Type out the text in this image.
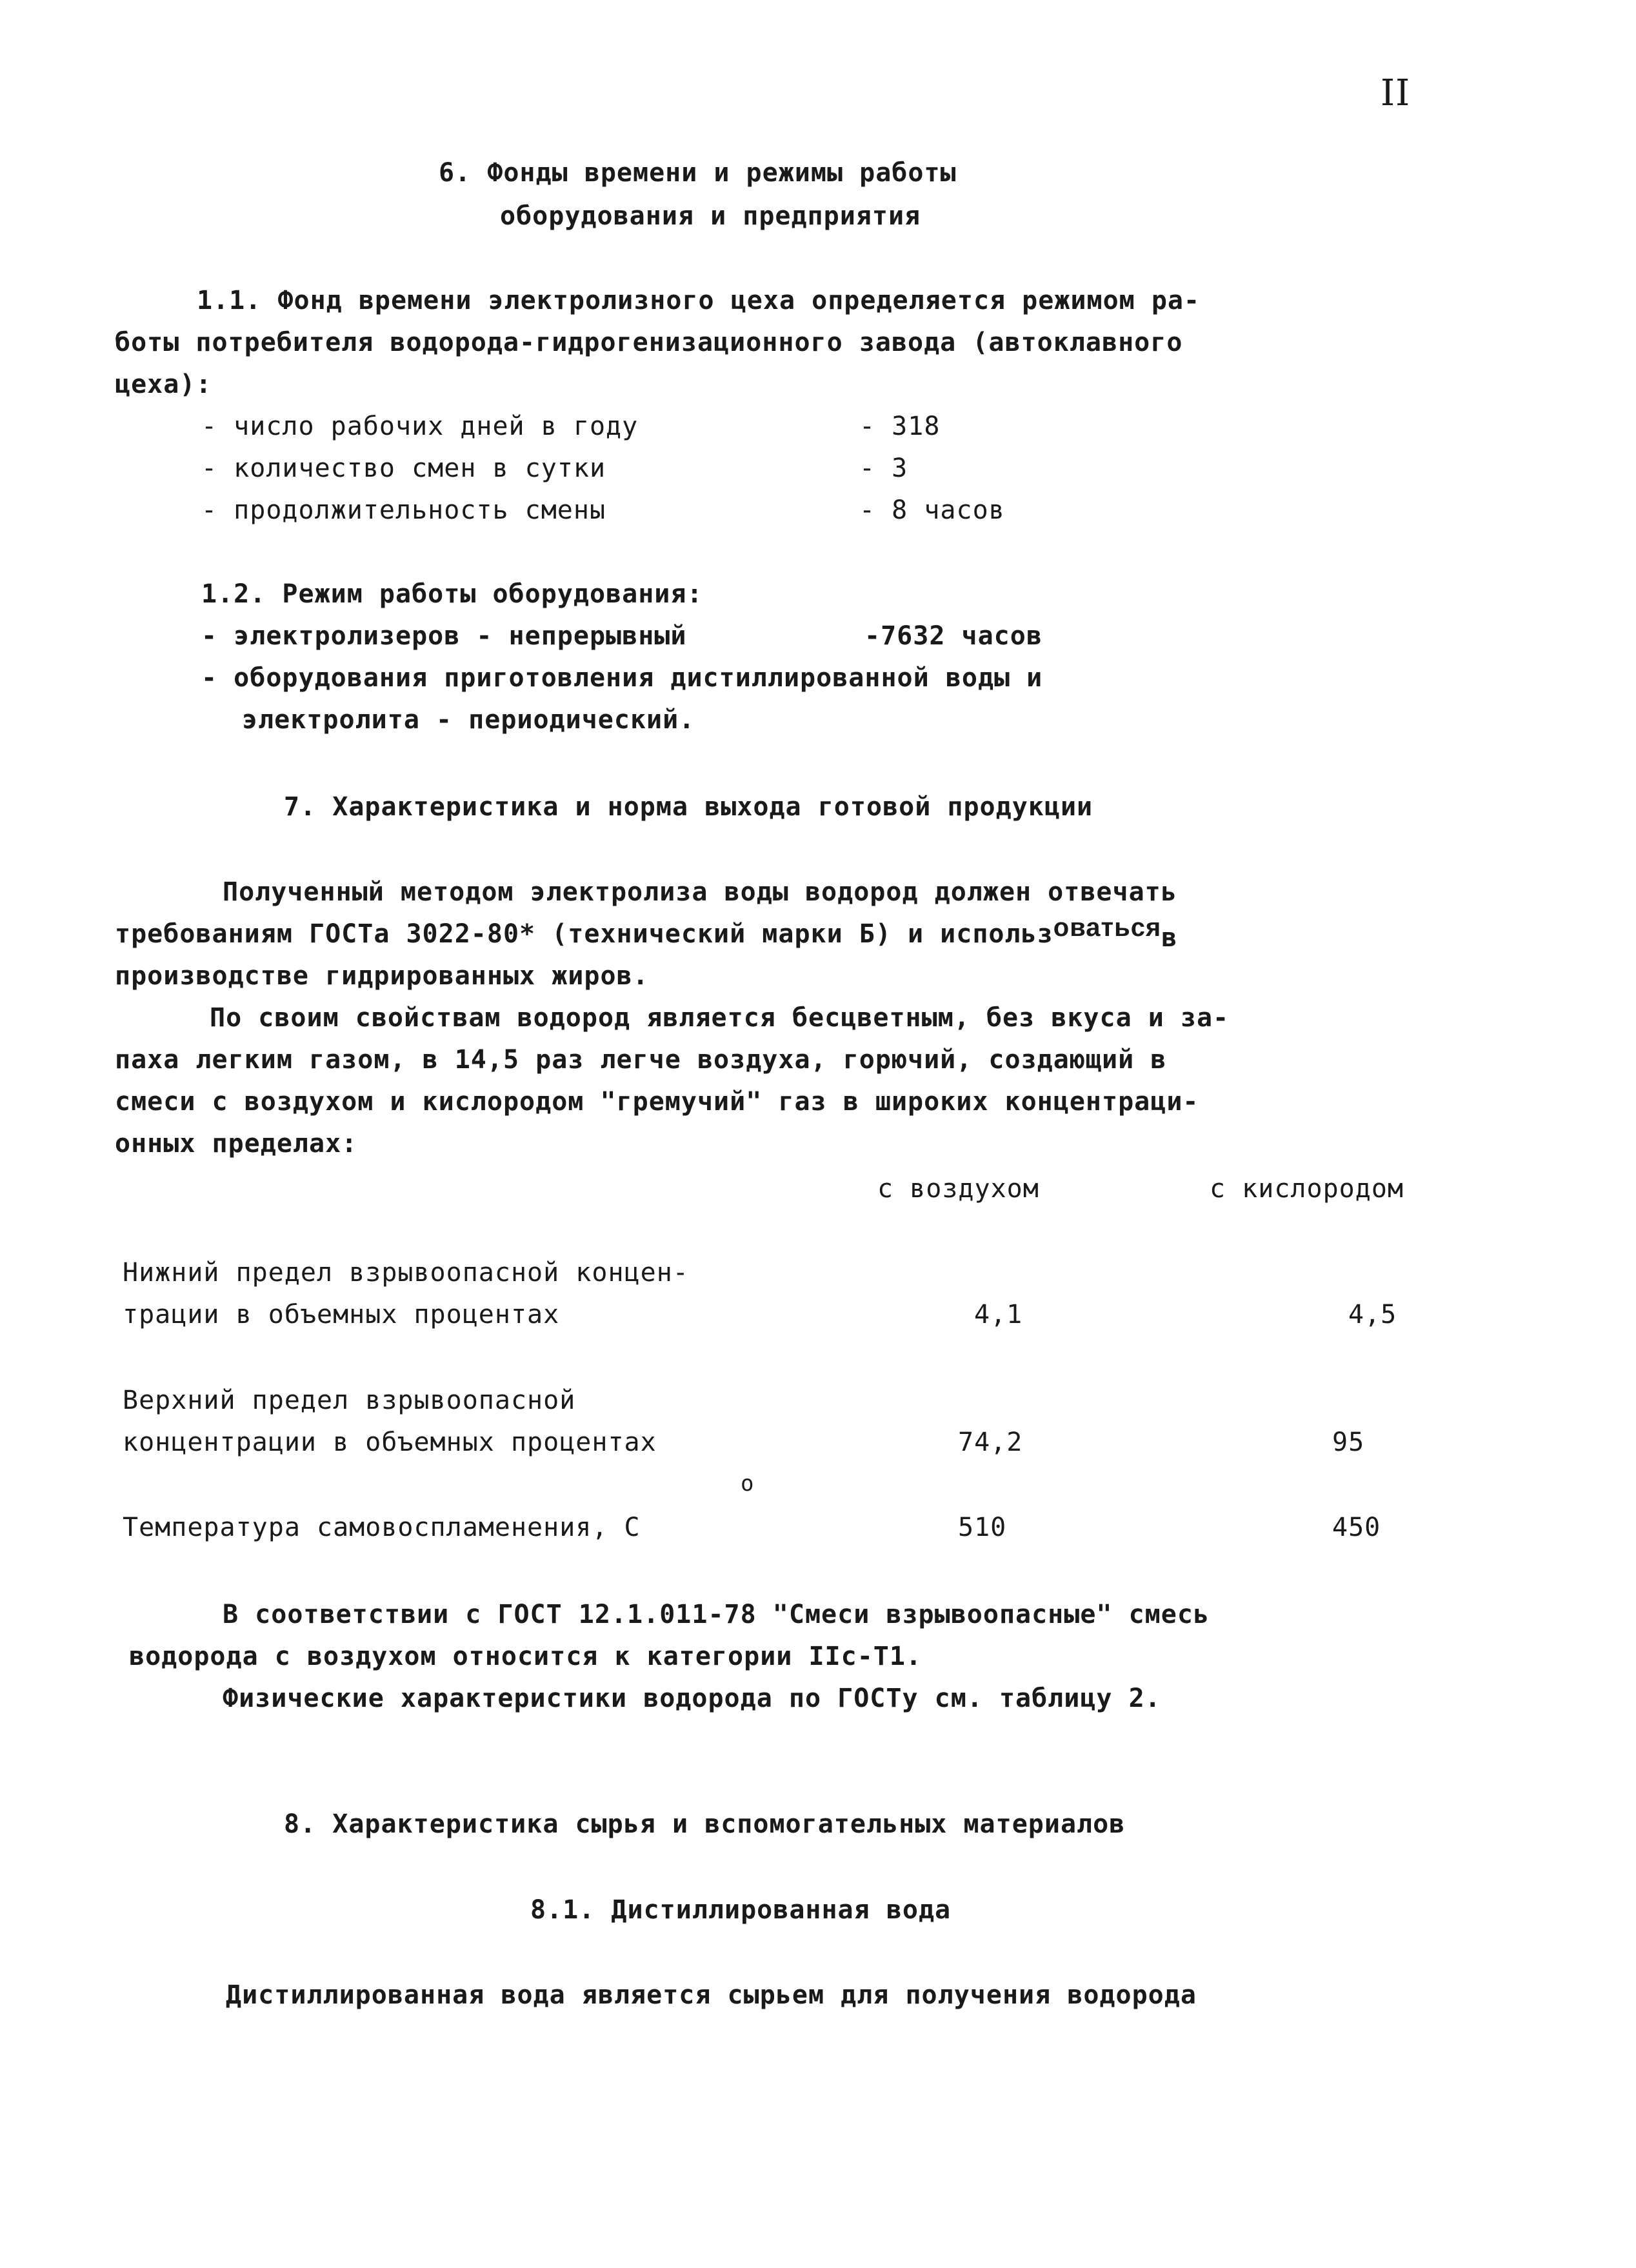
II
6. Фонды времени и режимы работы
оборудования и предприятия
1.1. Фонд времени электролизного цеха определяется режимом ра-
боты потребителя водорода-гидрогенизационного завода (автоклавного
цеха):
- число рабочих дней в году	- 318
- количество смен в сутки	- 3
- продолжительность смены	- 8 часов
1.2. Режим работы оборудования:
- электролизеров - непрерывный	-7632 часов
- оборудования приготовления дистиллированной воды и
электролита - периодический.
7. Характеристика и норма выхода готовой продукции
Полученный методом электролиза воды водород должен отвечать
требованиям ГОСТа 3022-80* (технический марки Б) и использоватьсяв
производстве гидрированных жиров.
По своим свойствам водород является бесцветным, без вкуса и за-
паха легким газом, в 14,5 раз легче воздуха, горючий, создающий в
смеси с воздухом и кислородом "гремучий" газ в широких концентраци-
онных пределах:
с воздухом	с кислородом
Нижний предел взрывоопасной концен-
трации в объемных процентах	4,1	4,5
Верхний предел взрывоопасной
концентрации в объемных процентах	74,2	95
о
Температура самовоспламенения, С	510	450
В соответствии с ГОСТ 12.1.011-78 "Смеси взрывоопасные" смесь
водорода с воздухом относится к категории IIс-Т1.
Физические характеристики водорода по ГОСТу см. таблицу 2.
8. Характеристика сырья и вспомогательных материалов
8.1. Дистиллированная вода
Дистиллированная вода является сырьем для получения водорода
